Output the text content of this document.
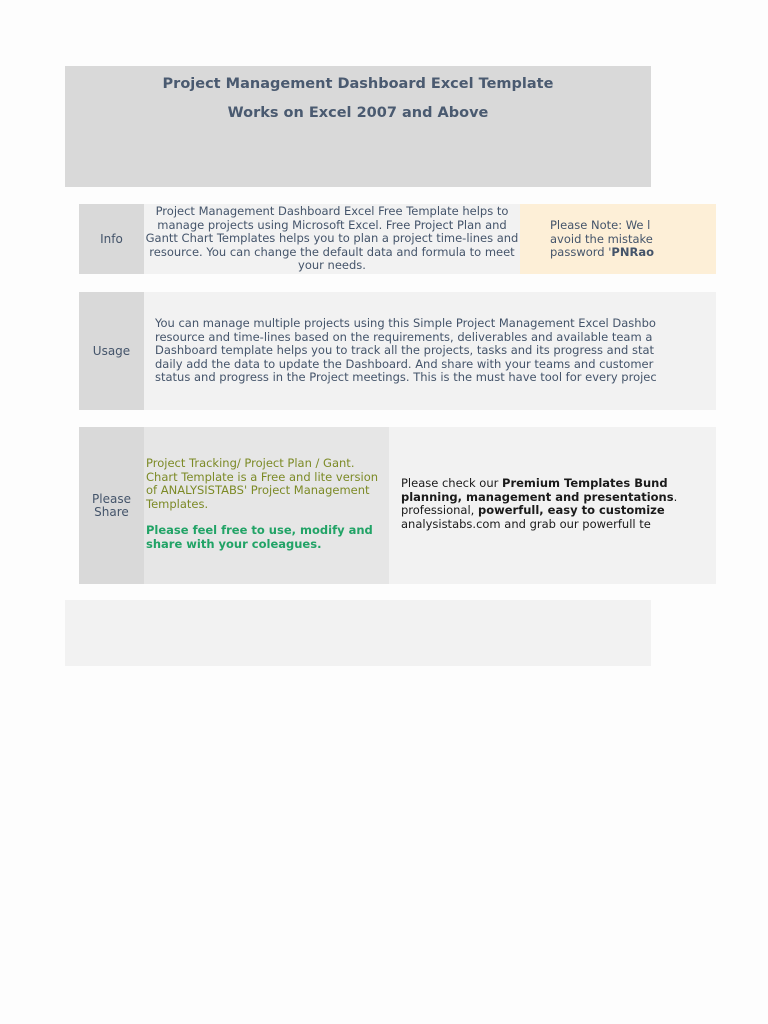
Project Management Dashboard Excel Template
Works on Excel 2007 and Above
Info
Project Management Dashboard Excel Free Template helps to manage projects using Microsoft Excel. Free Project Plan and Gantt Chart Templates helps you to plan a project time-lines and resource. You can change the default data and formula to meet your needs.
Please Note: We l
avoid the mistake
password 'PNRao
Usage
You can manage multiple projects using this Simple Project Management Excel Dashbo
resource and time-lines based on the requirements, deliverables and available team a
Dashboard template helps you to track all the projects, tasks and its progress and stat
daily add the data to update the Dashboard. And share with your teams and customer
status and progress in the Project meetings. This is the must have tool for every projec
Please
Share

Project Tracking/ Project Plan / Gant. Chart Template is a Free and lite version of ANALYSISTABS' Project Management Templates.

Please feel free to use, modify and share with your coleagues.

Please check our Premium Templates Bund
planning, management and presentations.
professional, powerfull, easy to customize
analysistabs.com and grab our powerfull te
